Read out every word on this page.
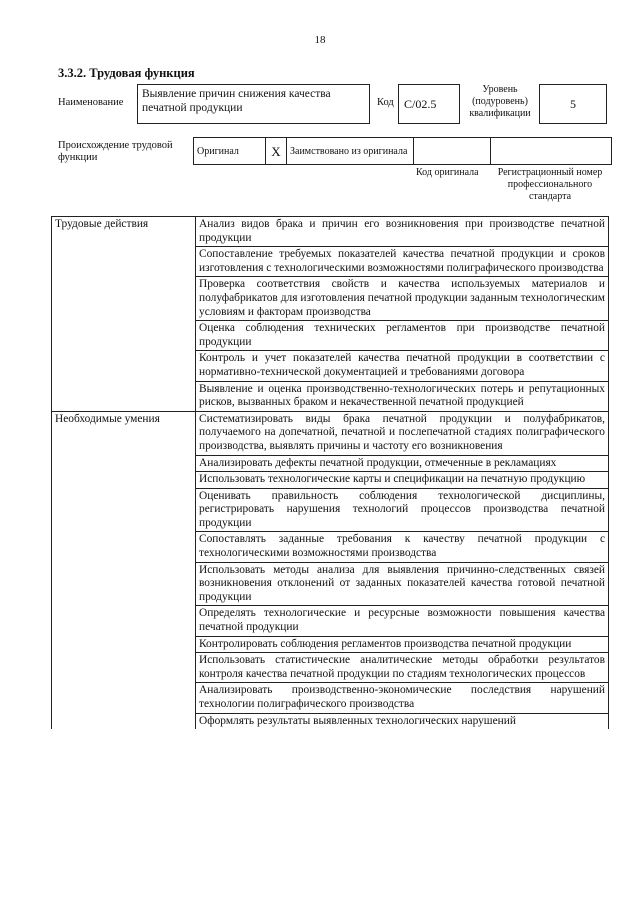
18
3.3.2. Трудовая функция
Наименование
Выявление причин снижения качества печатной продукции	Код С/02.5
Уровень (подуровень) квалификации
5
Происхождение трудовой функции
Оригинал	X	Заимствовано из оригинала		
Код оригинала	Регистрационный номер профессионального стандарта
Трудовые действия	Анализ видов брака и причин его возникновения при производстве печатной продукции
	Сопоставление требуемых показателей качества печатной продукции и сроков изготовления с технологическими возможностями полиграфического производства
	Проверка соответствия свойств и качества используемых материалов и полуфабрикатов для изготовления печатной продукции заданным технологическим условиям и факторам производства
	Оценка соблюдения технических регламентов при производстве печатной продукции
	Контроль и учет показателей качества печатной продукции в соответствии с нормативно-технической документацией и требованиями договора
	Выявление и оценка производственно-технологических потерь и репутационных рисков, вызванных браком и некачественной печатной продукцией
Необходимые умения	Систематизировать виды брака печатной продукции и полуфабрикатов, получаемого на допечатной, печатной и послепечатной стадиях полиграфического производства, выявлять причины и частоту его возникновения
	Анализировать дефекты печатной продукции, отмеченные в рекламациях
	Использовать технологические карты и спецификации на печатную продукцию
	Оценивать правильность соблюдения технологической дисциплины, регистрировать нарушения технологий процессов производства печатной продукции
	Сопоставлять заданные требования к качеству печатной продукции с технологическими возможностями производства
	Использовать методы анализа для выявления причинно-следственных связей возникновения отклонений от заданных показателей качества готовой печатной продукции
	Определять технологические и ресурсные возможности повышения качества печатной продукции
	Контролировать соблюдения регламентов производства печатной продукции
	Использовать статистические аналитические методы обработки результатов контроля качества печатной продукции по стадиям технологических процессов
	Анализировать производственно-экономические последствия нарушений технологии полиграфического производства
	Оформлять результаты выявленных технологических нарушений
